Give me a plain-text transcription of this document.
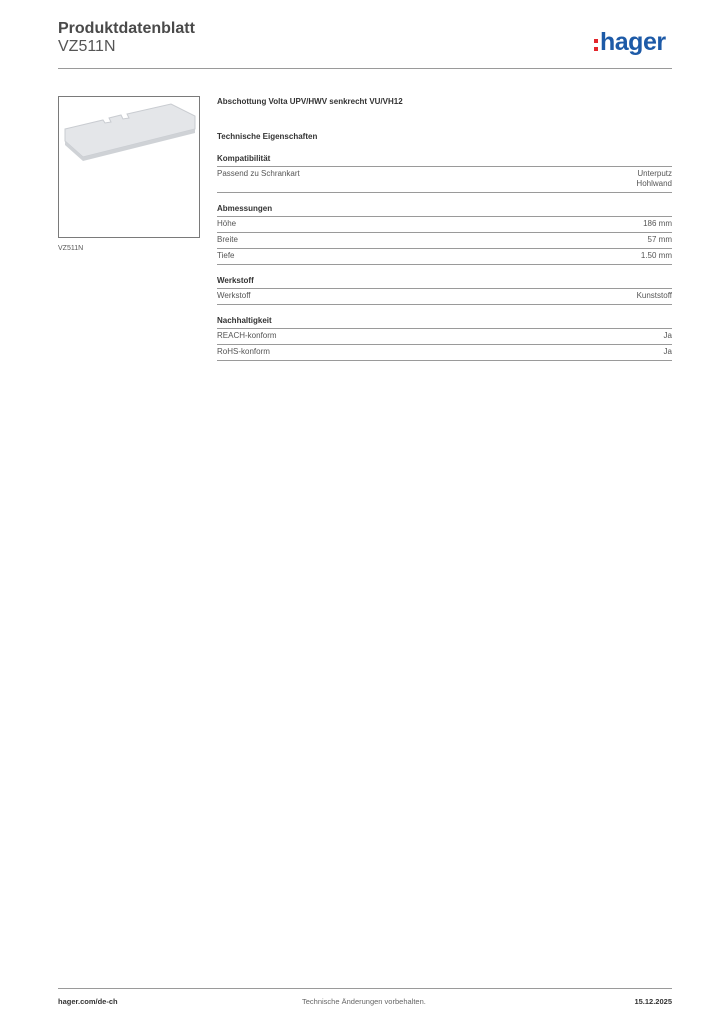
Produktdatenblatt
VZ511N	hager
VZ511N
Abschottung Volta UPV/HWV senkrecht VU/VH12
Technische Eigenschaften
Kompatibilität
Passend zu Schrankart	Unterputz
Hohlwand
Abmessungen
Höhe	186 mm
Breite	57 mm
Tiefe	1.50 mm
Werkstoff
Werkstoff	Kunststoff
Nachhaltigkeit
REACH-konform	Ja
RoHS-konform	Ja
hager.com/de-ch	Technische Änderungen vorbehalten.	15.12.2025
